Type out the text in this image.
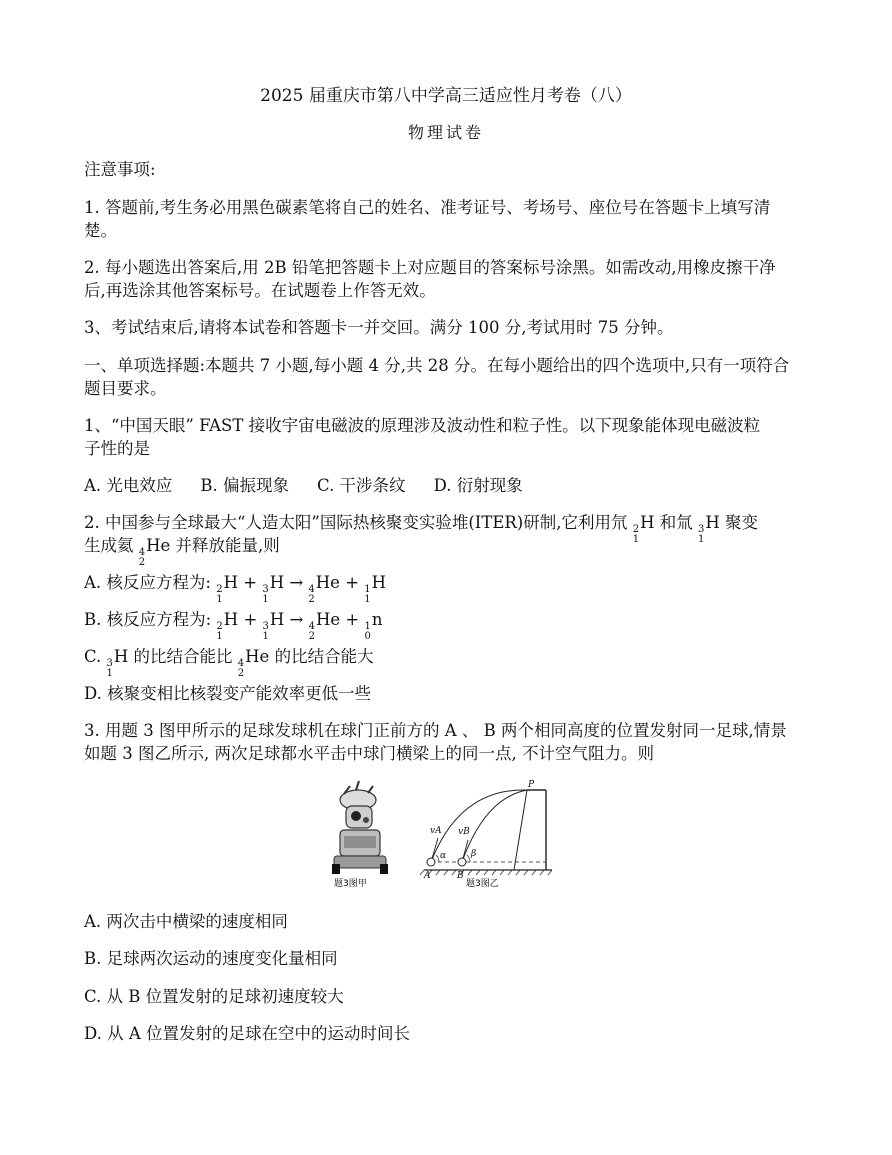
2025 届重庆市第八中学高三适应性月考卷（八）
物理试卷
注意事项:
1. 答题前,考生务必用黑色碳素笔将自己的姓名、准考证号、考场号、座位号在答题卡上填写清
楚。
2. 每小题选出答案后,用 2B 铅笔把答题卡上对应题目的答案标号涂黑。如需改动,用橡皮擦干净
后,再选涂其他答案标号。在试题卷上作答无效。
3、考试结束后,请将本试卷和答题卡一并交回。满分 100 分,考试用时 75 分钟。
一、单项选择题:本题共 7 小题,每小题 4 分,共 28 分。在每小题给出的四个选项中,只有一项符合
题目要求。
1、“中国天眼” FAST 接收宇宙电磁波的原理涉及波动性和粒子性。以下现象能体现电磁波粒
子性的是
A. 光电效应 B. 偏振现象 C. 干涉条纹 D. 衍射现象
2. 中国参与全球最大“人造太阳”国际热核聚变实验堆(ITER)研制,它利用氘 $^{2 1}$
H 和氚 $^{3 1}$
H 聚变
生成氦 $^{4 2}$
He 并释放能量,则
A. 核反应方程为: $^{2 1}$
H + $^{3 1}$
H → $^{4 2}$
He + $^{1 1}$
H
B. 核反应方程为: $^{2 1}$
H + $^{3 1}$
H → $^{4 2}$
He + $^{1 0}$
n
C. $^{3 1}$
H 的比结合能比 $^{4 2}$
He 的比结合能大
D. 核聚变相比核裂变产能效率更低一些
3. 用题 3 图甲所示的足球发球机在球门正前方的 A 、 B 两个相同高度的位置发射同一足球,情景
如题 3 图乙所示, 两次足球都水平击中球门横梁上的同一点, 不计空气阻力。则
题3图甲
P
vA vB
α	β
A	B
题3图乙
A. 两次击中横梁的速度相同
B. 足球两次运动的速度变化量相同
C. 从 B 位置发射的足球初速度较大
D. 从 A 位置发射的足球在空中的运动时间长
